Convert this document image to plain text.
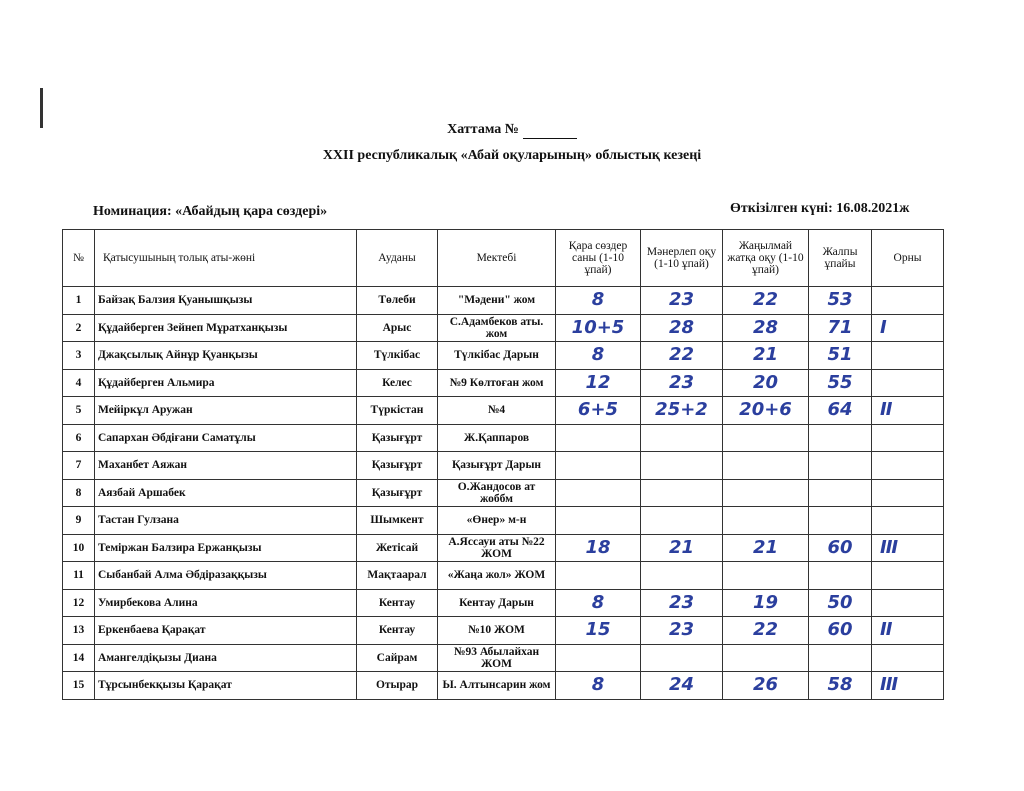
Хаттама №
XXII республикалық «Абай оқуларының» облыстық кезеңі
Номинация: «Абайдың қара сөздері»	Өткізілген күні: 16.08.2021ж
№	Қатысушының толық аты-жөні	Ауданы	Мектебі	Қара сөздер саны (1-10 ұпай)	Мәнерлеп оқу (1-10 ұпай)	Жаңылмай жатқа оқу (1-10 ұпай)	Жалпы ұпайы	Орны
1	Байзақ Балзия Қуанышқызы	Төлеби	"Мәдени" жом	8	23	22	53	
2	Құдайберген Зейнеп Мұратханқызы	Арыс	С.Адамбеков аты. жом	10+5	28	28	71	I
3	Джақсылық Айнұр Қуанқызы	Түлкібас	Түлкібас Дарын	8	22	21	51	
4	Құдайберген Альмира	Келес	№9 Көлтоған жом	12	23	20	55	
5	Мейіркұл Аружан	Түркістан	№4	6+5	25+2	20+6	64	II
6	Сапархан Әбдіғани Саматұлы	Қазығұрт	Ж.Қаппаров					
7	Маханбет Аяжан	Қазығұрт	Қазығұрт Дарын					
8	Аязбай Аршабек	Қазығұрт	О.Жандосов ат жоббм					
9	Тастан Гулзана	Шымкент	«Өнер» м-н					
10	Теміржан Балзира Ержанқызы	Жетісай	А.Яссауи аты №22 ЖОМ	18	21	21	60	III
11	Сыбанбай Алма Әбдіразаққызы	Мақтаарал	«Жаңа жол» ЖОМ					
12	Умирбекова Алина	Кентау	Кентау Дарын	8	23	19	50	
13	Еркенбаева Қарақат	Кентау	№10 ЖОМ	15	23	22	60	II
14	Амангелдіқызы Диана	Сайрам	№93 Абылайхан ЖОМ					
15	Тұрсынбекқызы Қарақат	Отырар	Ы. Алтынсарин жом	8	24	26	58	III
